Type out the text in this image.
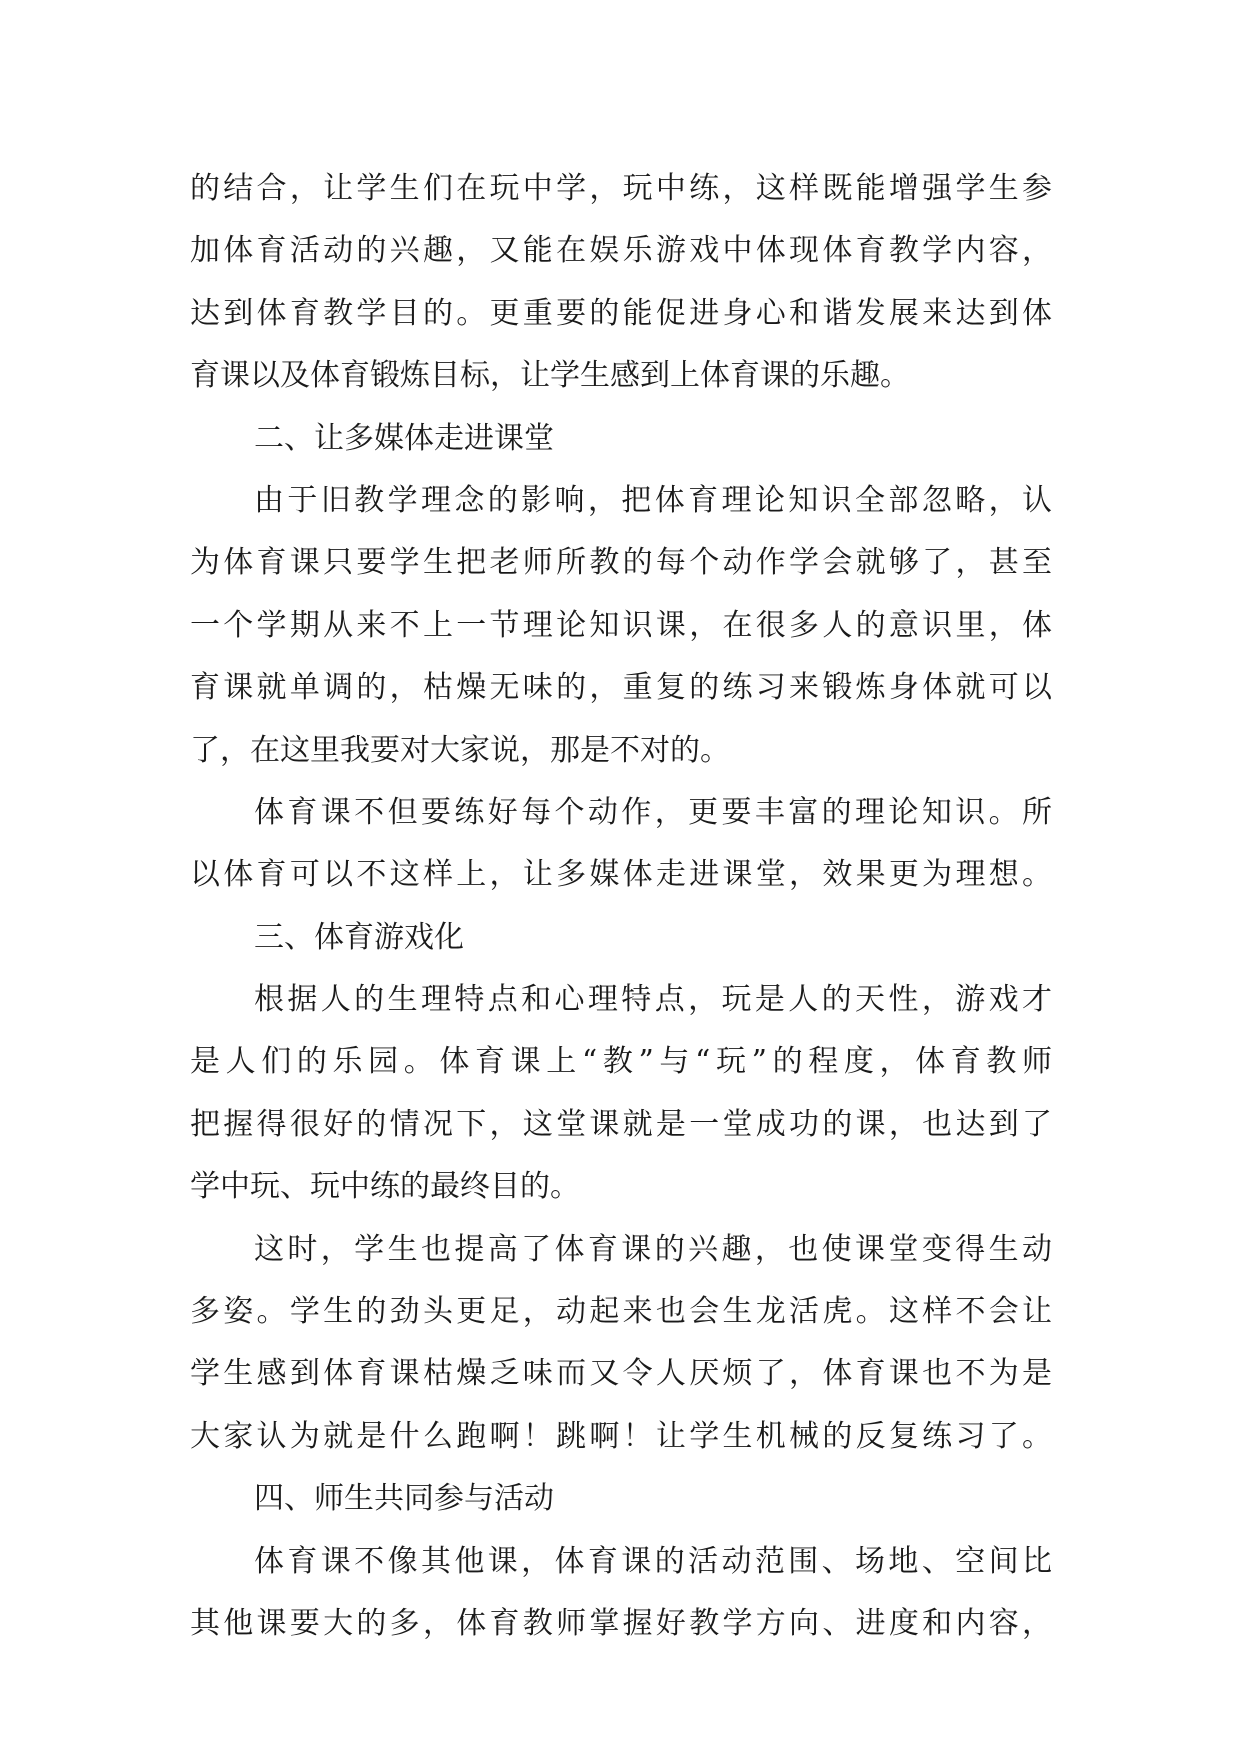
的结合，让学生们在玩中学，玩中练，这样既能增强学生参
加体育活动的兴趣，又能在娱乐游戏中体现体育教学内容，
达到体育教学目的。更重要的能促进身心和谐发展来达到体
育课以及体育锻炼目标，让学生感到上体育课的乐趣。
二、让多媒体走进课堂
由于旧教学理念的影响，把体育理论知识全部忽略，认
为体育课只要学生把老师所教的每个动作学会就够了，甚至
一个学期从来不上一节理论知识课，在很多人的意识里，体
育课就单调的，枯燥无味的，重复的练习来锻炼身体就可以
了，在这里我要对大家说，那是不对的。
体育课不但要练好每个动作，更要丰富的理论知识。所
以体育可以不这样上，让多媒体走进课堂，效果更为理想。
三、体育游戏化
根据人的生理特点和心理特点，玩是人的天性，游戏才
是人们的乐园。体育课上“教”与“玩”的程度，体育教师
把握得很好的情况下，这堂课就是一堂成功的课，也达到了
学中玩、玩中练的最终目的。
这时，学生也提高了体育课的兴趣，也使课堂变得生动
多姿。学生的劲头更足，动起来也会生龙活虎。这样不会让
学生感到体育课枯燥乏味而又令人厌烦了，体育课也不为是
大家认为就是什么跑啊！跳啊！让学生机械的反复练习了。
四、师生共同参与活动
体育课不像其他课，体育课的活动范围、场地、空间比
其他课要大的多，体育教师掌握好教学方向、进度和内容，
